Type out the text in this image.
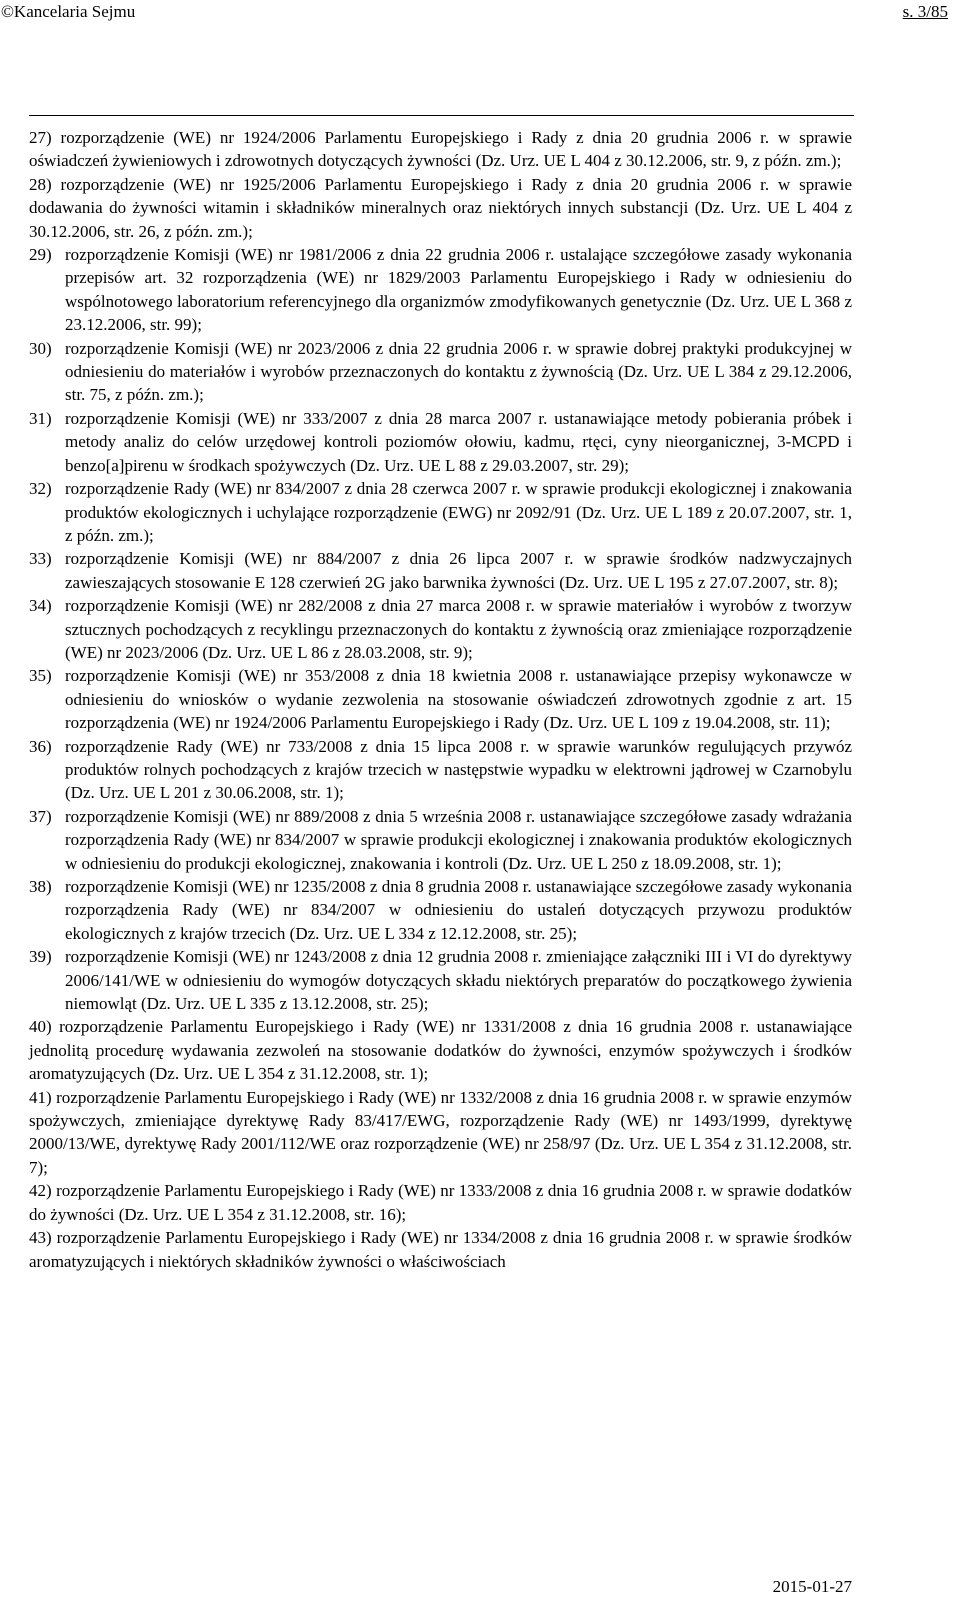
©Kancelaria Sejmu	s. 3/85

27) rozporządzenie (WE) nr 1924/2006 Parlamentu Europejskiego i Rady z dnia 20 grudnia 2006 r. w sprawie oświadczeń żywieniowych i zdrowotnych dotyczących żywności (Dz. Urz. UE L 404 z 30.12.2006, str. 9, z późn. zm.);

28) rozporządzenie (WE) nr 1925/2006 Parlamentu Europejskiego i Rady z dnia 20 grudnia 2006 r. w sprawie dodawania do żywności witamin i składników mineralnych oraz niektórych innych substancji (Dz. Urz. UE L 404 z 30.12.2006, str. 26, z późn. zm.);

29) rozporządzenie Komisji (WE) nr 1981/2006 z dnia 22 grudnia 2006 r. ustalające szczegółowe zasady wykonania przepisów art. 32 rozporządzenia (WE) nr 1829/2003 Parlamentu Europejskiego i Rady w odniesieniu do wspólnotowego laboratorium referencyjnego dla organizmów zmodyfikowanych genetycznie (Dz. Urz. UE L 368 z 23.12.2006, str. 99);

30) rozporządzenie Komisji (WE) nr 2023/2006 z dnia 22 grudnia 2006 r. w sprawie dobrej praktyki produkcyjnej w odniesieniu do materiałów i wyrobów przeznaczonych do kontaktu z żywnością (Dz. Urz. UE L 384 z 29.12.2006, str. 75, z późn. zm.);

31) rozporządzenie Komisji (WE) nr 333/2007 z dnia 28 marca 2007 r. ustanawiające metody pobierania próbek i metody analiz do celów urzędowej kontroli poziomów ołowiu, kadmu, rtęci, cyny nieorganicznej, 3-MCPD i benzo[a]pirenu w środkach spożywczych (Dz. Urz. UE L 88 z 29.03.2007, str. 29);

32) rozporządzenie Rady (WE) nr 834/2007 z dnia 28 czerwca 2007 r. w sprawie produkcji ekologicznej i znakowania produktów ekologicznych i uchylające rozporządzenie (EWG) nr 2092/91 (Dz. Urz. UE L 189 z 20.07.2007, str. 1, z późn. zm.);

33) rozporządzenie Komisji (WE) nr 884/2007 z dnia 26 lipca 2007 r. w sprawie środków nadzwyczajnych zawieszających stosowanie E 128 czerwień 2G jako barwnika żywności (Dz. Urz. UE L 195 z 27.07.2007, str. 8);

34) rozporządzenie Komisji (WE) nr 282/2008 z dnia 27 marca 2008 r. w sprawie materiałów i wyrobów z tworzyw sztucznych pochodzących z recyklingu przeznaczonych do kontaktu z żywnością oraz zmieniające rozporządzenie (WE) nr 2023/2006 (Dz. Urz. UE L 86 z 28.03.2008, str. 9);

35) rozporządzenie Komisji (WE) nr 353/2008 z dnia 18 kwietnia 2008 r. ustanawiające przepisy wykonawcze w odniesieniu do wniosków o wydanie zezwolenia na stosowanie oświadczeń zdrowotnych zgodnie z art. 15 rozporządzenia (WE) nr 1924/2006 Parlamentu Europejskiego i Rady (Dz. Urz. UE L 109 z 19.04.2008, str. 11);

36) rozporządzenie Rady (WE) nr 733/2008 z dnia 15 lipca 2008 r. w sprawie warunków regulujących przywóz produktów rolnych pochodzących z krajów trzecich w następstwie wypadku w elektrowni jądrowej w Czarnobylu (Dz. Urz. UE L 201 z 30.06.2008, str. 1);

37) rozporządzenie Komisji (WE) nr 889/2008 z dnia 5 września 2008 r. ustanawiające szczegółowe zasady wdrażania rozporządzenia Rady (WE) nr 834/2007 w sprawie produkcji ekologicznej i znakowania produktów ekologicznych w odniesieniu do produkcji ekologicznej, znakowania i kontroli (Dz. Urz. UE L 250 z 18.09.2008, str. 1);

38) rozporządzenie Komisji (WE) nr 1235/2008 z dnia 8 grudnia 2008 r. ustanawiające szczegółowe zasady wykonania rozporządzenia Rady (WE) nr 834/2007 w odniesieniu do ustaleń dotyczących przywozu produktów ekologicznych z krajów trzecich (Dz. Urz. UE L 334 z 12.12.2008, str. 25);

39) rozporządzenie Komisji (WE) nr 1243/2008 z dnia 12 grudnia 2008 r. zmieniające załączniki III i VI do dyrektywy 2006/141/WE w odniesieniu do wymogów dotyczących składu niektórych preparatów do początkowego żywienia niemowląt (Dz. Urz. UE L 335 z 13.12.2008, str. 25);

40) rozporządzenie Parlamentu Europejskiego i Rady (WE) nr 1331/2008 z dnia 16 grudnia 2008 r. ustanawiające jednolitą procedurę wydawania zezwoleń na stosowanie dodatków do żywności, enzymów spożywczych i środków aromatyzujących (Dz. Urz. UE L 354 z 31.12.2008, str. 1);

41) rozporządzenie Parlamentu Europejskiego i Rady (WE) nr 1332/2008 z dnia 16 grudnia 2008 r. w sprawie enzymów spożywczych, zmieniające dyrektywę Rady 83/417/EWG, rozporządzenie Rady (WE) nr 1493/1999, dyrektywę 2000/13/WE, dyrektywę Rady 2001/112/WE oraz rozporządzenie (WE) nr 258/97 (Dz. Urz. UE L 354 z 31.12.2008, str. 7);

42) rozporządzenie Parlamentu Europejskiego i Rady (WE) nr 1333/2008 z dnia 16 grudnia 2008 r. w sprawie dodatków do żywności (Dz. Urz. UE L 354 z 31.12.2008, str. 16);

43) rozporządzenie Parlamentu Europejskiego i Rady (WE) nr 1334/2008 z dnia 16 grudnia 2008 r. w sprawie środków aromatyzujących i niektórych składników żywności o właściwościach

2015-01-27
